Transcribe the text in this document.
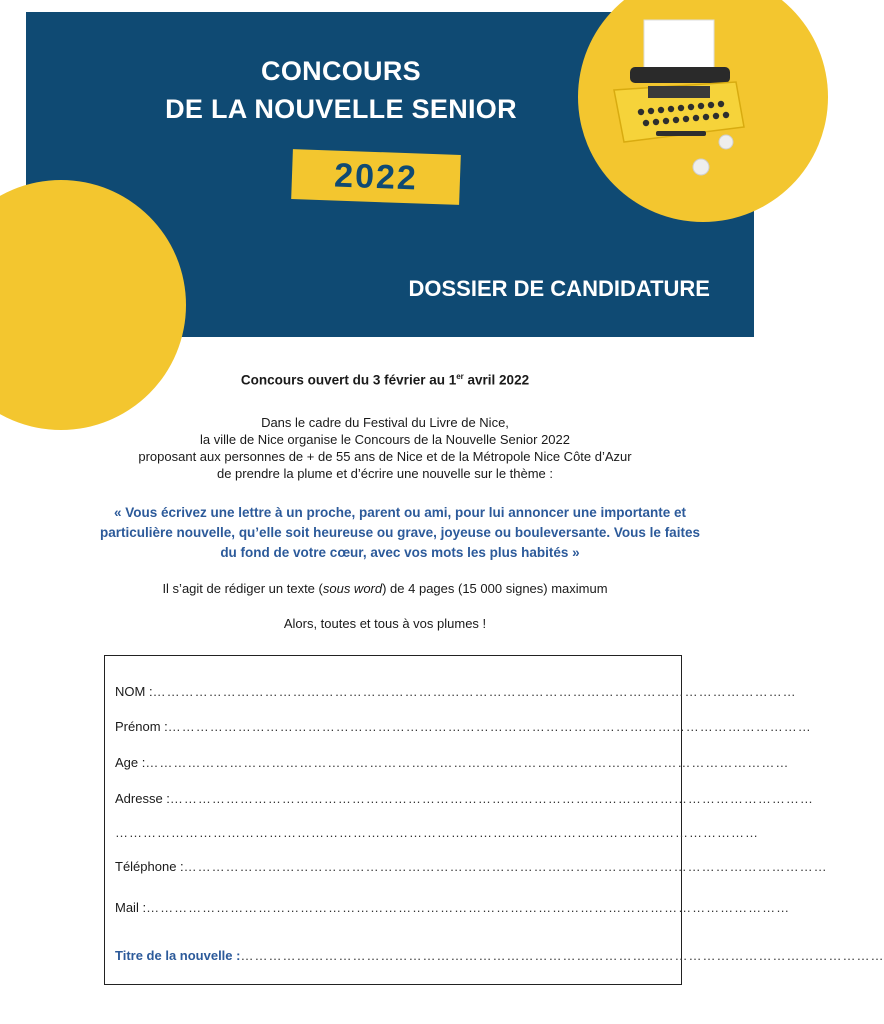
CONCOURS
DE LA NOUVELLE SENIOR
2022
DOSSIER DE CANDIDATURE
Concours ouvert du 3 février au 1er avril 2022
Dans le cadre du Festival du Livre de Nice,
la ville de Nice organise le Concours de la Nouvelle Senior 2022
proposant aux personnes de + de 55 ans de Nice et de la Métropole Nice Côte d’Azur
de prendre la plume et d’écrire une nouvelle sur le thème :
« Vous écrivez une lettre à un proche, parent ou ami, pour lui annoncer une importante et particulière nouvelle, qu’elle soit heureuse ou grave, joyeuse ou bouleversante. Vous le faites du fond de votre cœur, avec vos mots les plus habités »
Il s’agit de rédiger un texte (sous word) de 4 pages (15 000 signes) maximum
Alors, toutes et tous à vos plumes !
NOM : …………………………………………………………………………………………………………………………
Prénom : …………………………………………………………………………………………………………………………
Age : …………………………………………………………………………………………………………………………
Adresse : …………………………………………………………………………………………………………………………
…………………………………………………………………………………………………………………………
Téléphone : …………………………………………………………………………………………………………………………
Mail : …………………………………………………………………………………………………………………………
Titre de la nouvelle : …………………………………………………………………………………………………………………………
